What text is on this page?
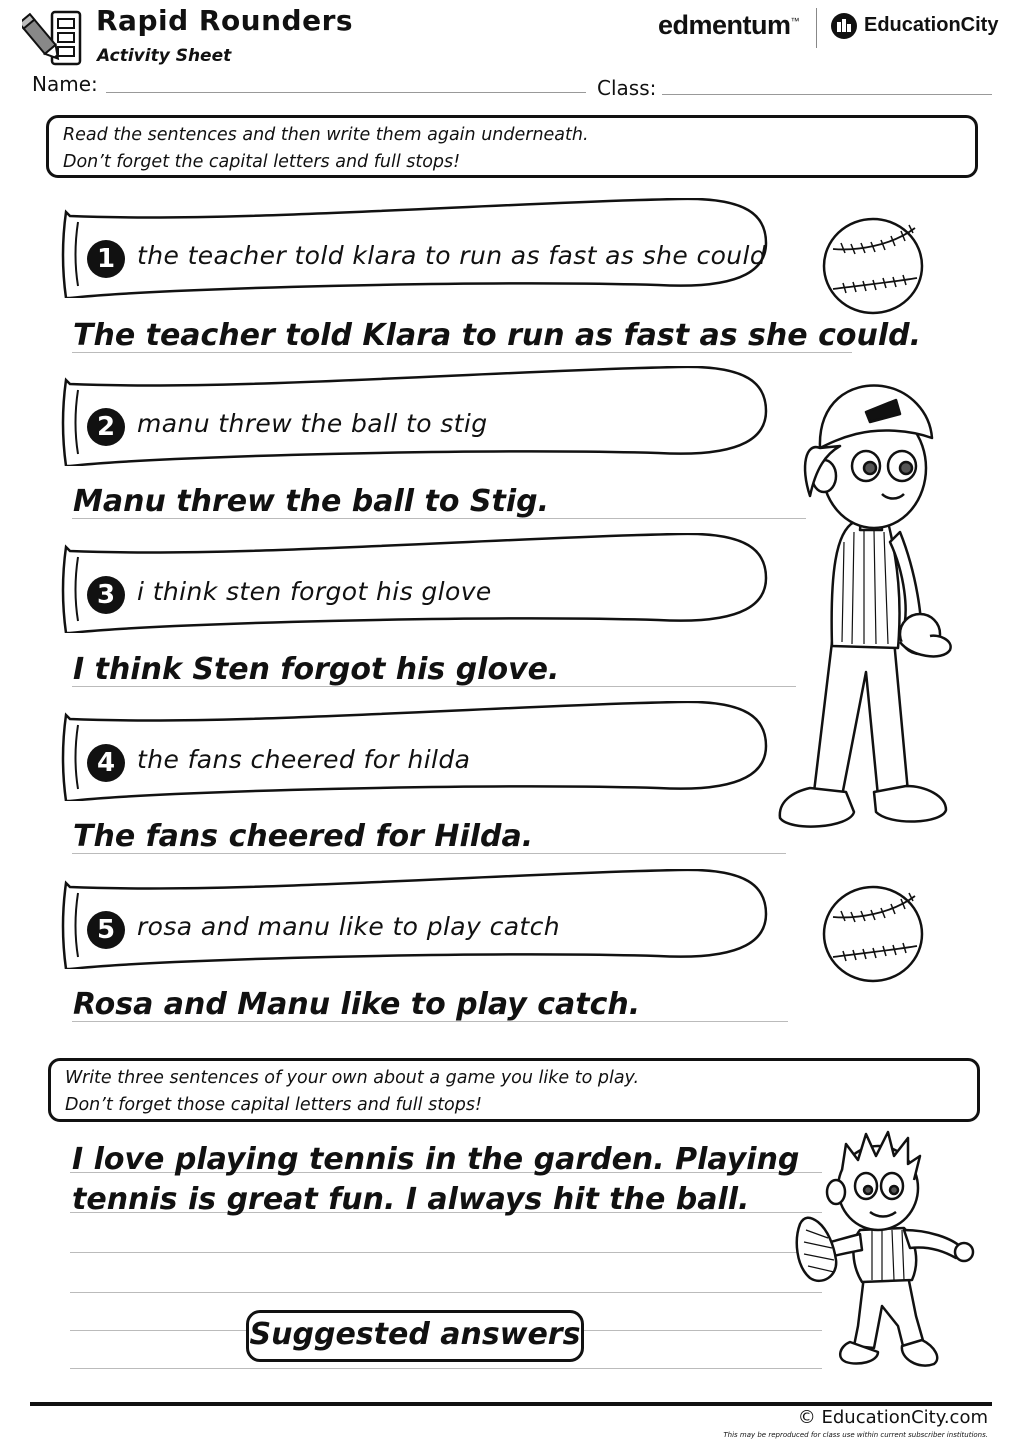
Rapid Rounders
Activity Sheet
edmentum™	EducationCity
Name:	Class:
Read the sentences and then write them again underneath.
Don’t forget the capital letters and full stops!
1 the teacher told klara to run as fast as she could
The teacher told Klara to run as fast as she could.
2 manu threw the ball to stig
Manu threw the ball to Stig.
3 i think sten forgot his glove
I think Sten forgot his glove.
4 the fans cheered for hilda
The fans cheered for Hilda.
5 rosa and manu like to play catch
Rosa and Manu like to play catch.
Write three sentences of your own about a game you like to play.
Don’t forget those capital letters and full stops!
I love playing tennis in the garden. Playing
tennis is great fun. I always hit the ball.
Suggested answers
© EducationCity.com
This may be reproduced for class use within current subscriber institutions.
